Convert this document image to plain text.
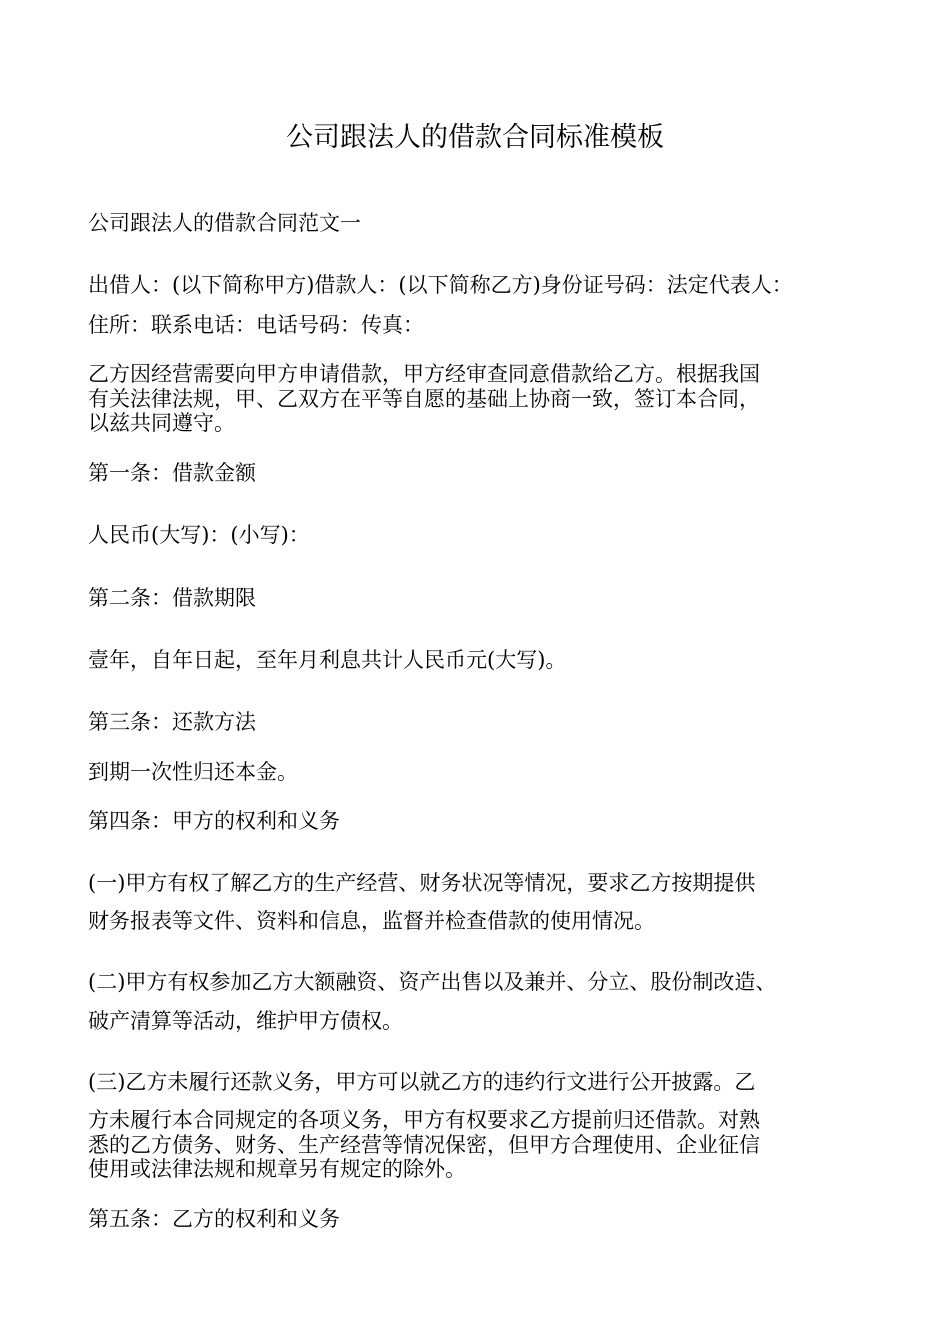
公司跟法人的借款合同标准模板

公司跟法人的借款合同范文一

出借人：(以下简称甲方)借款人：(以下简称乙方)身份证号码：法定代表人：

住所：联系电话：电话号码：传真：

乙方因经营需要向甲方申请借款，甲方经审查同意借款给乙方。根据我国

有关法律法规，甲、乙双方在平等自愿的基础上协商一致，签订本合同，

以兹共同遵守。

第一条：借款金额

人民币(大写)：(小写)：

第二条：借款期限

壹年，自年日起，至年月利息共计人民币元(大写)。

第三条：还款方法

到期一次性归还本金。

第四条：甲方的权利和义务

(一)甲方有权了解乙方的生产经营、财务状况等情况，要求乙方按期提供

财务报表等文件、资料和信息，监督并检查借款的使用情况。

(二)甲方有权参加乙方大额融资、资产出售以及兼并、分立、股份制改造、

破产清算等活动，维护甲方债权。

(三)乙方未履行还款义务，甲方可以就乙方的违约行文进行公开披露。乙

方未履行本合同规定的各项义务，甲方有权要求乙方提前归还借款。对熟

悉的乙方债务、财务、生产经营等情况保密，但甲方合理使用、企业征信

使用或法律法规和规章另有规定的除外。

第五条：乙方的权利和义务
